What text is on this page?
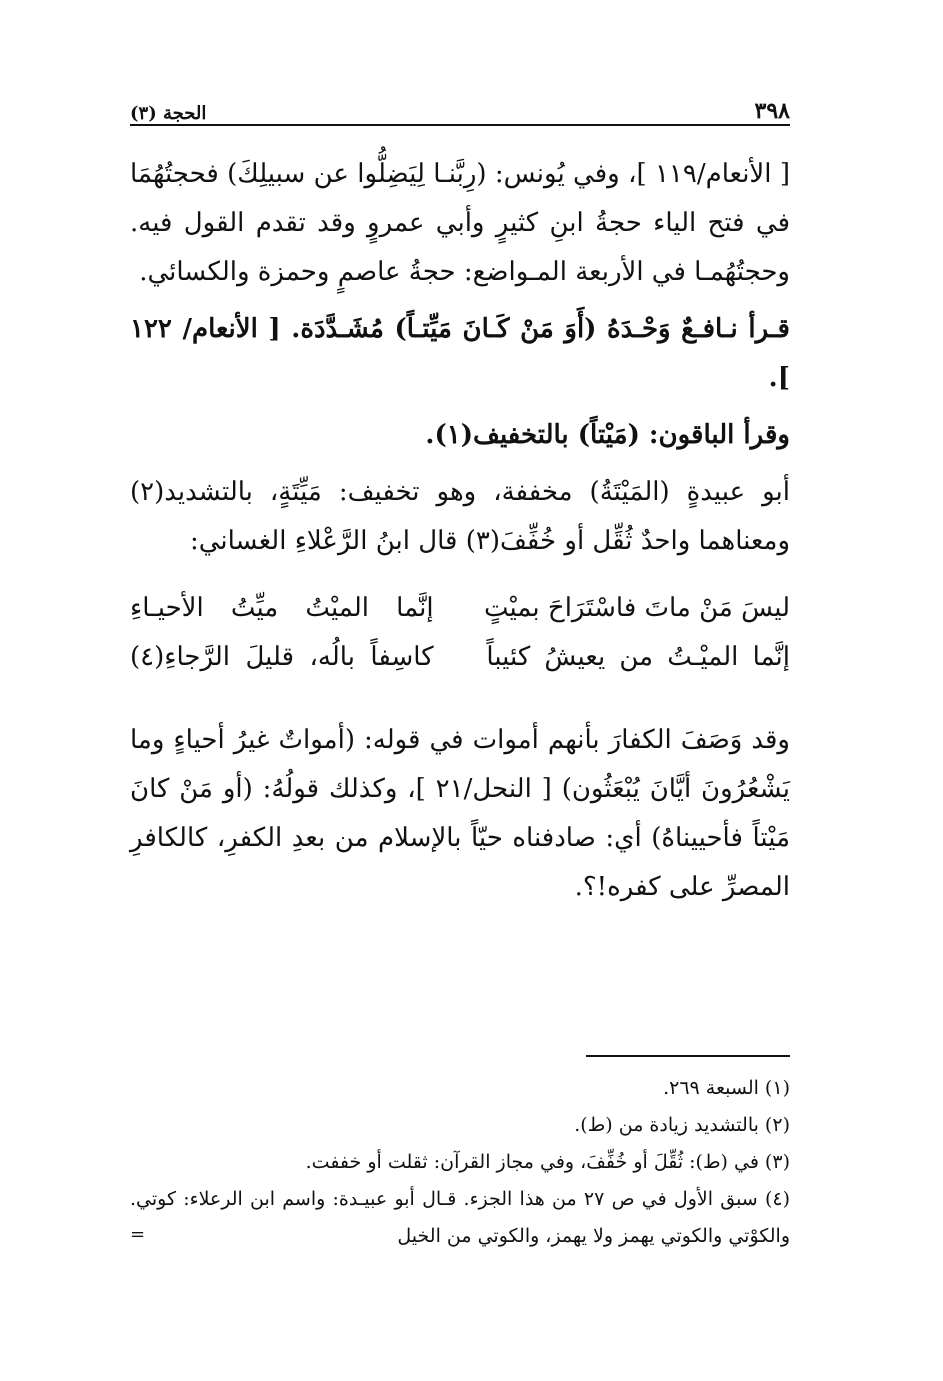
٣٩٨
الحجة (٣)

[ الأنعام/١١٩ ]، وفي يُونس: (رِبَّنـا لِيَضِلُّوا عن سبيلِكَ) فحجتُهُمَا في فتح الياء حجةُ ابنِ كثيرٍ وأبي عمروٍ وقد تقدم القول فيه. وحجتُهُمـا في الأربعة المـواضع: حجةُ عاصمٍ وحمزة والكسائي.

قـرأ نـافـعٌ وَحْـدَهُ (أَوَ مَنْ كَـانَ مَيِّتـاً) مُشَـدَّدَة. [ الأنعام/ ١٢٢ ].

وقرأ الباقون: (مَيْتاً) بالتخفيف(١).

أبو عبيدةٍ (المَيْتَةُ) مخففة، وهو تخفيف: مَيِّتَةٍ، بالتشديد(٢) ومعناهما واحدٌ ثُقِّل أو خُفِّفَ(٣) قال ابنُ الرَّعْلاءِ الغساني:

ليسَ مَنْ ماتَ فاسْتَرَاحَ بميْتٍ
إنَّما الميْتُ ميِّتُ الأحيـاءِ
إنَّما الميْـتُ من يعيشُ كئيباً
كاسِفاً بالُه، قليلَ الرَّجاءِ(٤)

وقد وَصَفَ الكفارَ بأنهم أموات في قوله: (أمواتٌ غيرُ أحياءٍ وما يَشْعُرُونَ أيَّانَ يُبْعَثُون) [ النحل/٢١ ]، وكذلك قولُهُ: (أو مَنْ كانَ مَيْتاً فأحييناهُ) أي: صادفناه حيّاً بالإسلام من بعدِ الكفرِ، كالكافرِ المصرِّ على كفره!؟.

(١) السبعة ٢٦٩.

(٢) بالتشديد زيادة من (ط).

(٣) في (ط): ثُقِّلَ أو خُفِّفَ، وفي مجاز القرآن: ثقلت أو خففت.

(٤) سبق الأول في ص ٢٧ من هذا الجزء. قـال أبو عبيـدة: واسم ابن الرعلاء: كوتي. والكوْتي والكوتي يهمز ولا يهمز، والكوتي من الخيل

=
